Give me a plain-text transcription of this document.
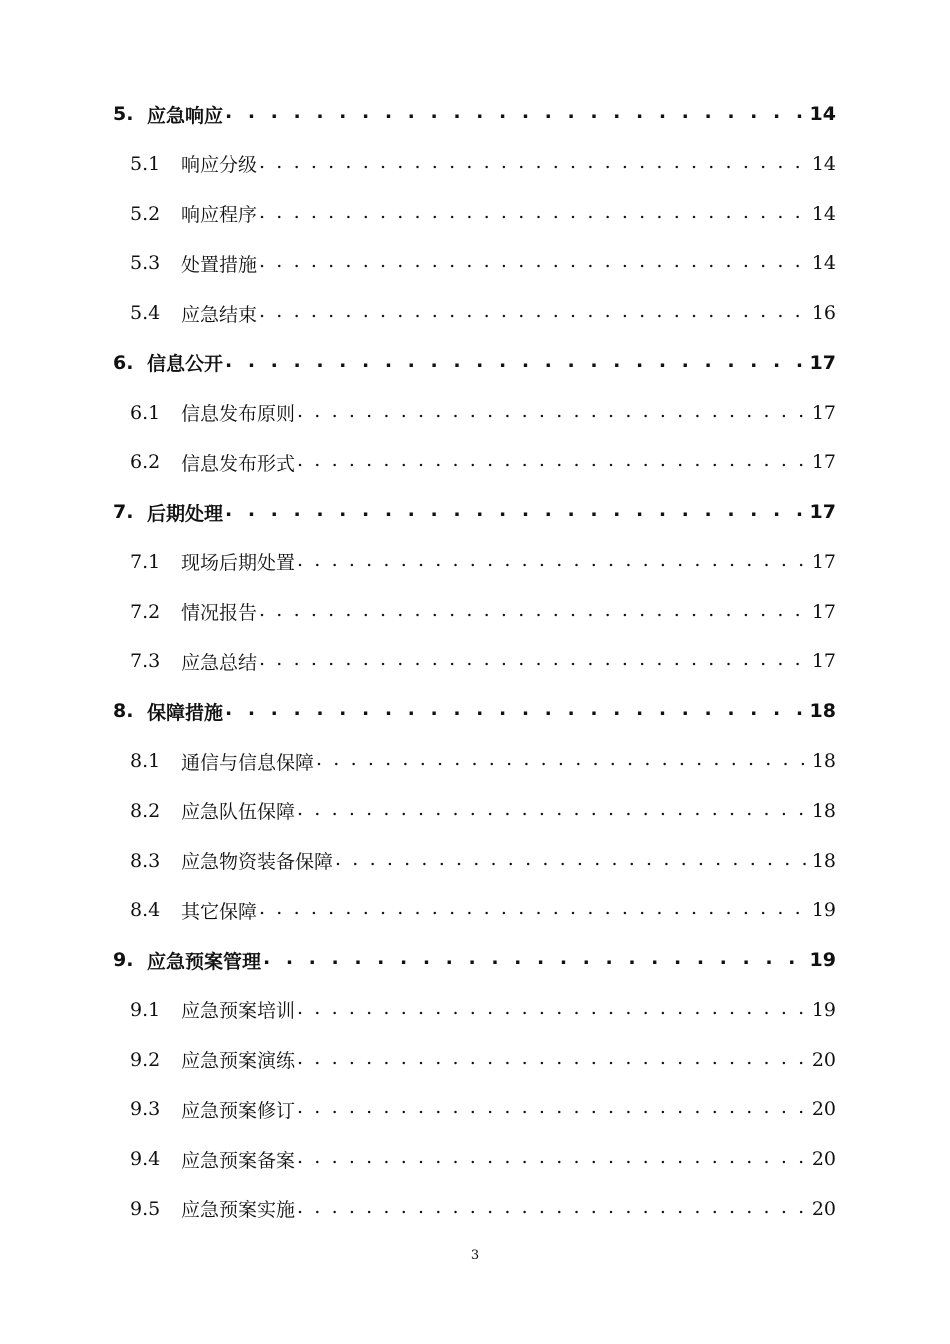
5. 应急响应 . . .	14
5.1	响应分级 . . .	14
5.2	响应程序 . . .	14
5.3	处置措施 . . .	14
5.4	应急结束 . . .	16
6. 信息公开 . . .	17
6.1	信息发布原则 . . .	17
6.2	信息发布形式 . . .	17
7. 后期处理 . . .	17
7.1	现场后期处置 . . .	17
7.2	情况报告 . . .	17
7.3	应急总结 . . .	17
8. 保障措施 . . .	18
8.1	通信与信息保障 . . .	18
8.2	应急队伍保障 . . .	18
8.3	应急物资装备保障 . . .	18
8.4	其它保障 . . .	19
9. 应急预案管理 . . .	19
9.1	应急预案培训 . . .	19
9.2	应急预案演练 . . .	20
9.3	应急预案修订 . . .	20
9.4	应急预案备案 . . .	20
9.5	应急预案实施 . . .	20
3
